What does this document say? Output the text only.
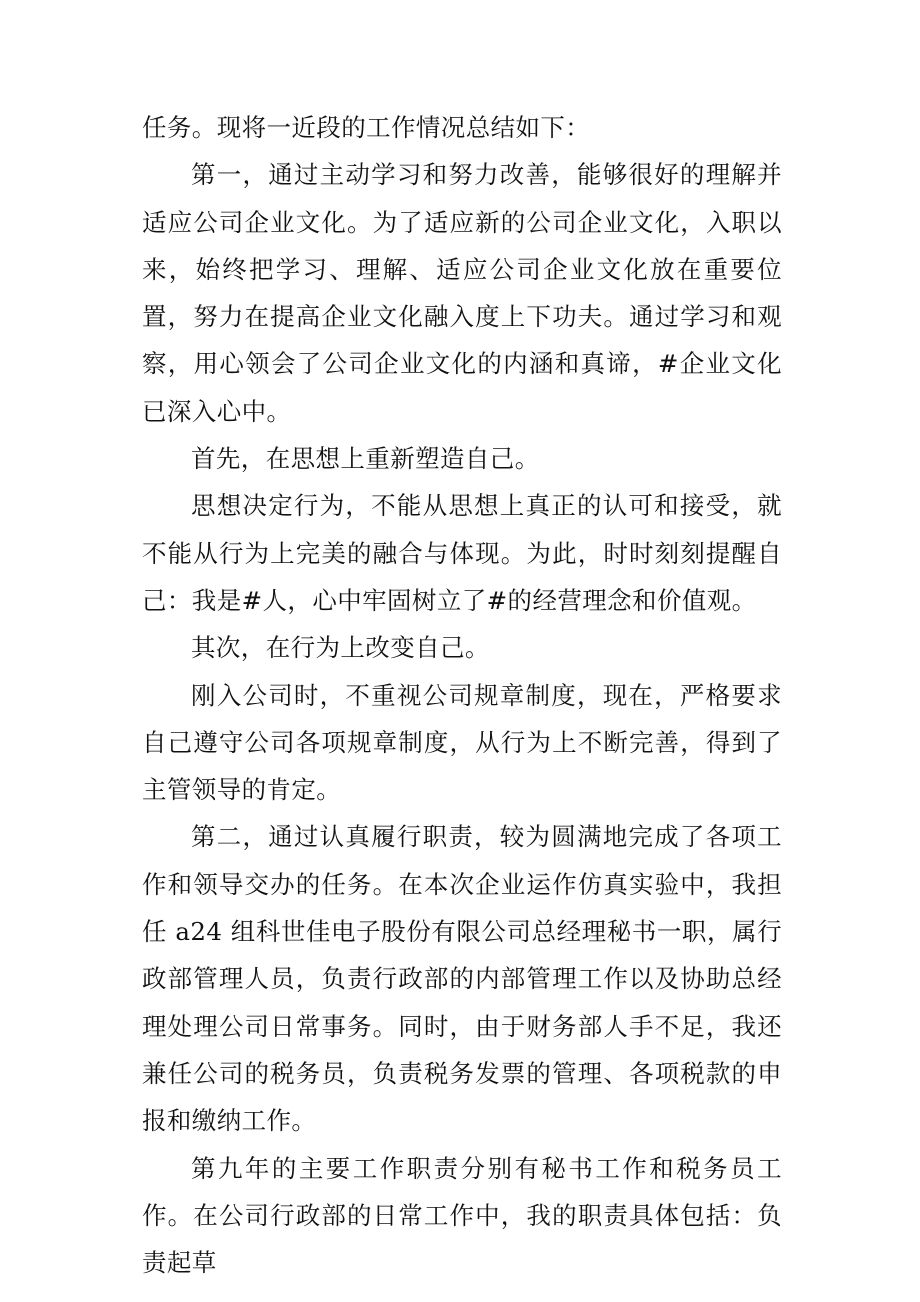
任务。现将一近段的工作情况总结如下：

第一，通过主动学习和努力改善，能够很好的理解并适应公司企业文化。为了适应新的公司企业文化，入职以来，始终把学习、理解、适应公司企业文化放在重要位置，努力在提高企业文化融入度上下功夫。通过学习和观察，用心领会了公司企业文化的内涵和真谛，#企业文化已深入心中。

首先，在思想上重新塑造自己。

思想决定行为，不能从思想上真正的认可和接受，就不能从行为上完美的融合与体现。为此，时时刻刻提醒自己：我是#人，心中牢固树立了#的经营理念和价值观。

其次，在行为上改变自己。

刚入公司时，不重视公司规章制度，现在，严格要求自己遵守公司各项规章制度，从行为上不断完善，得到了主管领导的肯定。

第二，通过认真履行职责，较为圆满地完成了各项工作和领导交办的任务。在本次企业运作仿真实验中，我担任 a24 组科世佳电子股份有限公司总经理秘书一职，属行政部管理人员，负责行政部的内部管理工作以及协助总经理处理公司日常事务。同时，由于财务部人手不足，我还兼任公司的税务员，负责税务发票的管理、各项税款的申报和缴纳工作。

第九年的主要工作职责分别有秘书工作和税务员工作。在公司行政部的日常工作中，我的职责具体包括：负责起草
